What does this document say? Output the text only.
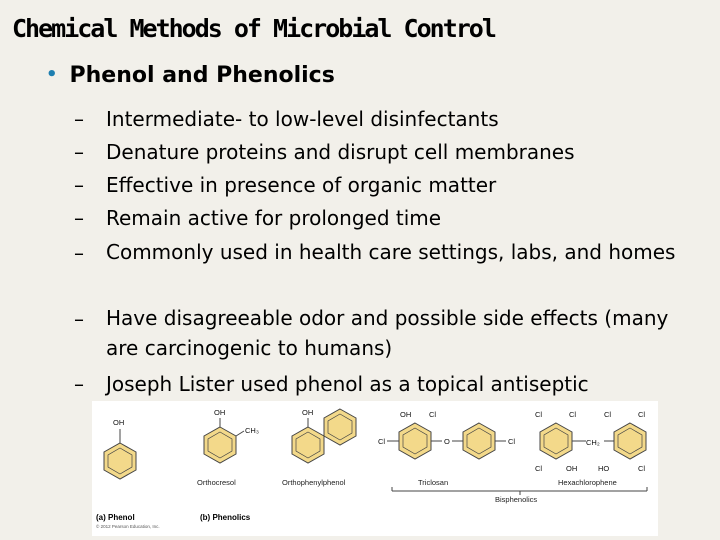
Chemical Methods of Microbial Control
• Phenol and Phenolics
– Intermediate- to low-level disinfectants
– Denature proteins and disrupt cell membranes
– Effective in presence of organic matter
– Remain active for prolonged time
– Commonly used in health care settings, labs, and homes
– Have disagreeable odor and possible side effects (many are carcinogenic to humans)
– Joseph Lister used phenol as a topical antiseptic
OH
OH
CH₃
Orthocresol
OH
Orthophenylphenol
OH Cl
Cl	O	Cl
Triclosan
Cl	Cl	Cl	Cl
CH₂
Cl	OH	HO	Cl
Hexachlorophene
Bisphenolics
(a) Phenol	(b) Phenolics
© 2012 Pearson Education, Inc.
